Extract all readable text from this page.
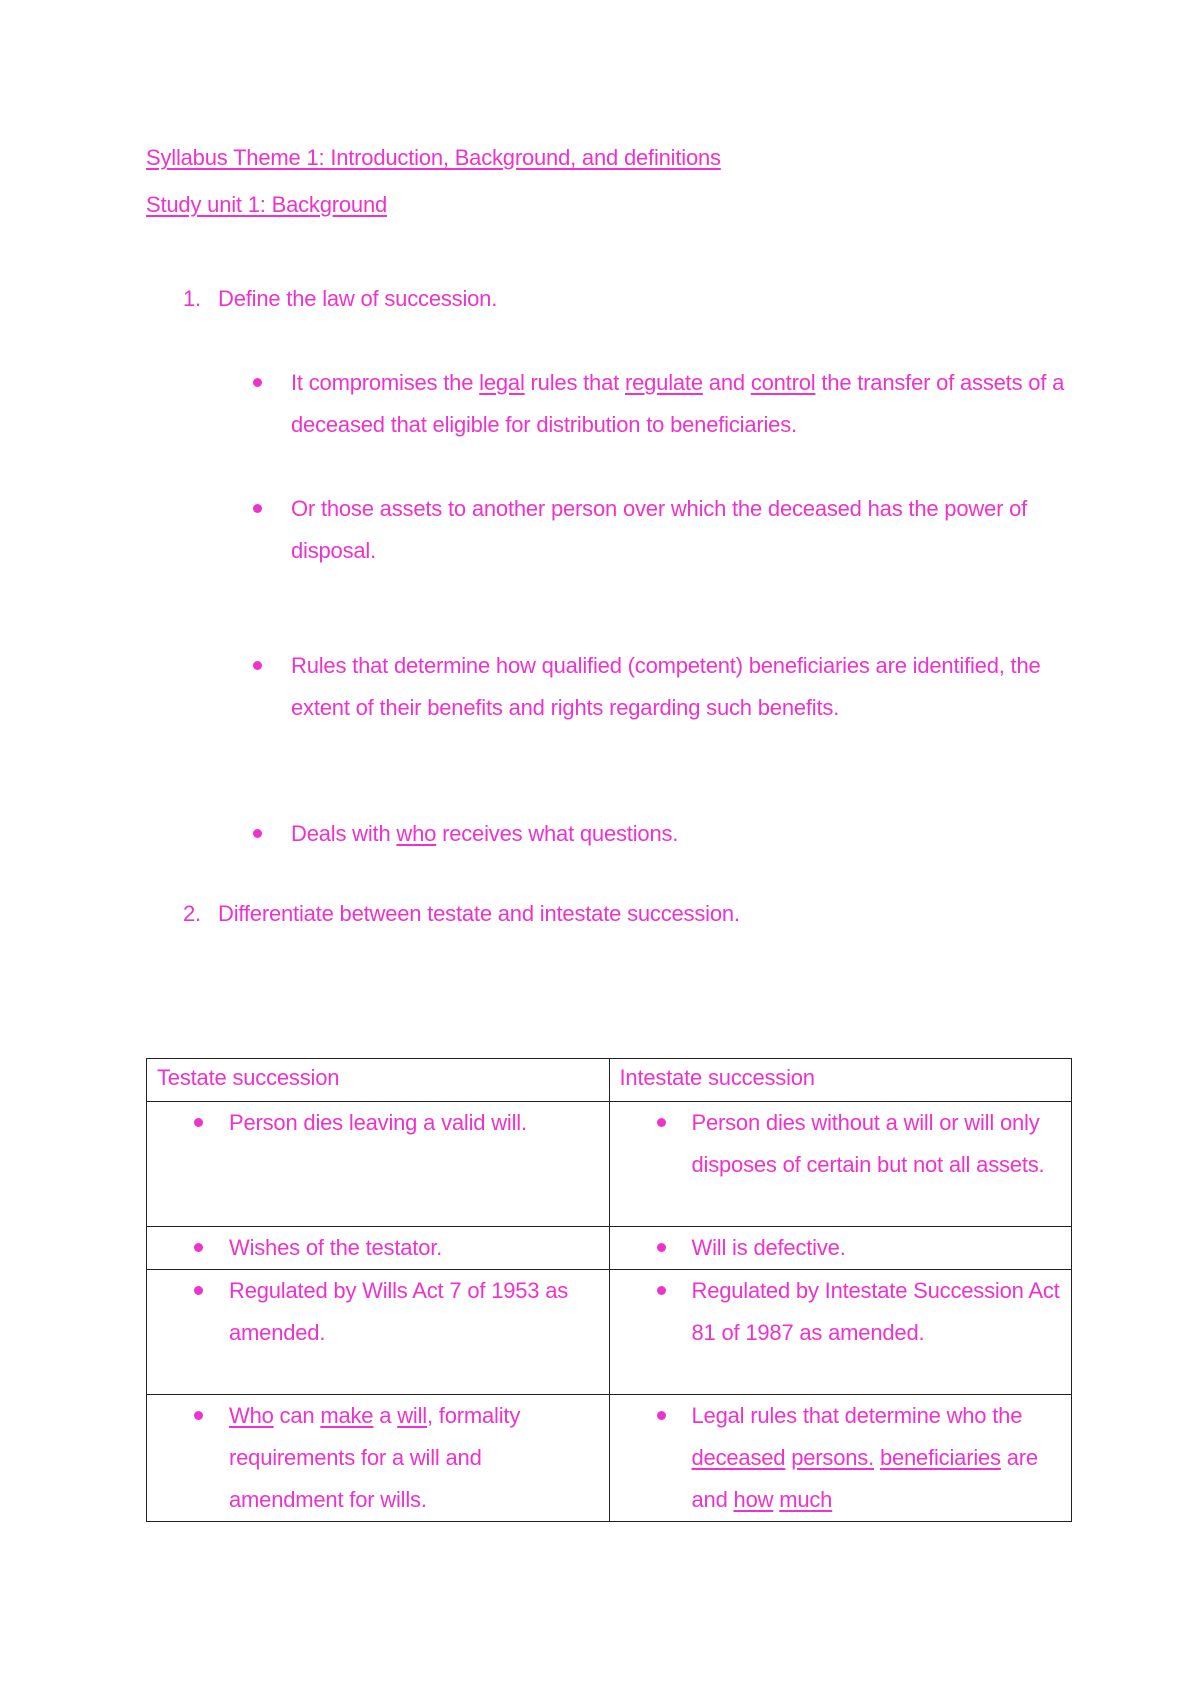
Syllabus Theme 1: Introduction, Background, and definitions
Study unit 1: Background
1. Define the law of succession.
It compromises the legal rules that regulate and control the transfer of assets of a deceased that eligible for distribution to beneficiaries.
Or those assets to another person over which the deceased has the power of disposal.
Rules that determine how qualified (competent) beneficiaries are identified, the extent of their benefits and rights regarding such benefits.
Deals with who receives what questions.
2. Differentiate between testate and intestate succession.
Testate succession	Intestate succession

Person dies leaving a valid will.	Person dies without a will or will only disposes of certain but not all assets.

Wishes of the testator.	Will is defective.

Regulated by Wills Act 7 of 1953 as amended.	Regulated by Intestate Succession Act 81 of 1987 as amended.

Who can make a will, formality requirements for a will and amendment for wills.	Legal rules that determine who the deceased persons. beneficiaries are and how much
